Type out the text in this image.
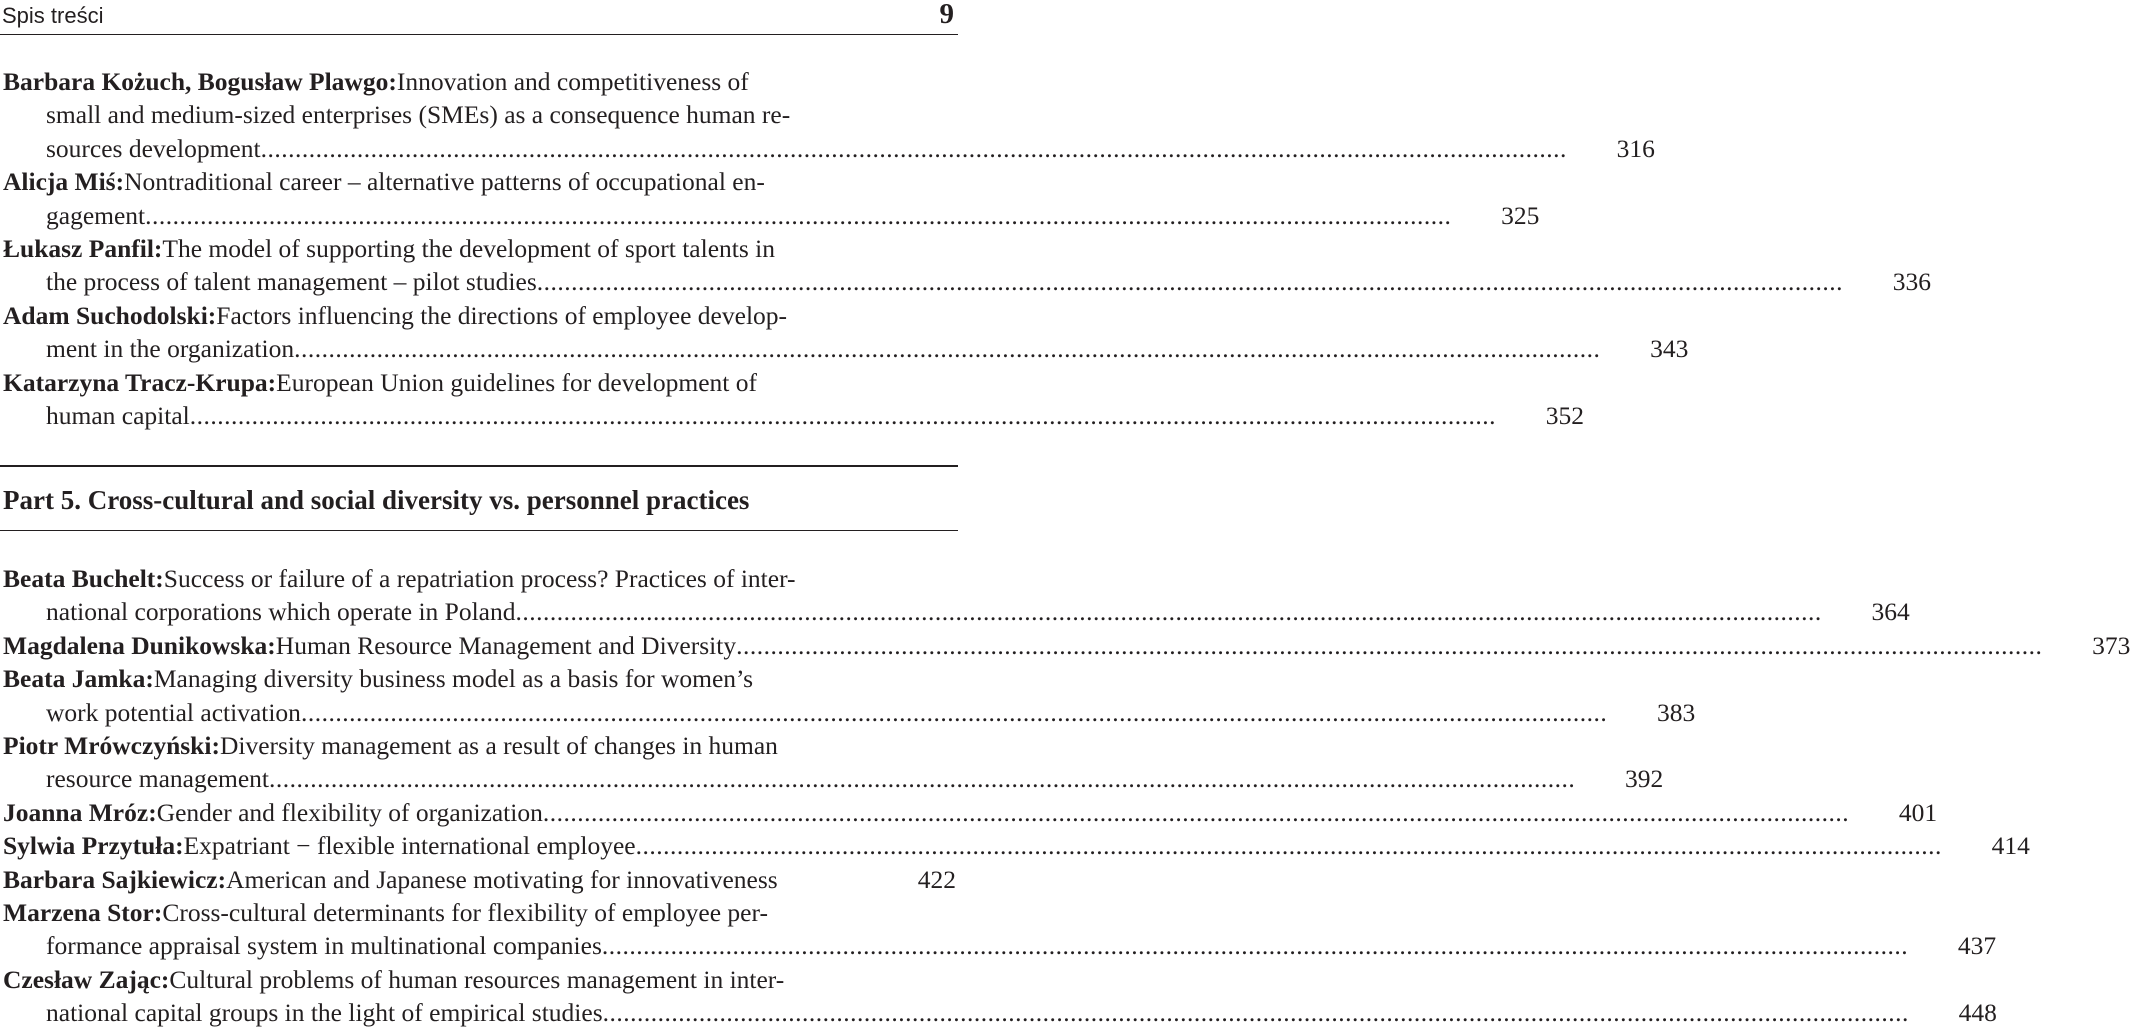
Spis treści	9
Barbara Kożuch, Bogusław Plawgo: Innovation and competitiveness of
small and medium-sized enterprises (SMEs) as a consequence human re-
sources development ..............................................................................................................................................................................................	316
Alicja Miś: Nontraditional career – alternative patterns of occupational en-
gagement ..............................................................................................................................................................................................	325
Łukasz Panfil: The model of supporting the development of sport talents in
the process of talent management – pilot studies ..............................................................................................................................................................................................	336
Adam Suchodolski: Factors influencing the directions of employee develop-
ment in the organization ..............................................................................................................................................................................................	343
Katarzyna Tracz-Krupa: European Union guidelines for development of
human capital ..............................................................................................................................................................................................	352
Part 5. Cross-cultural and social diversity vs. personnel practices
Beata Buchelt: Success or failure of a repatriation process? Practices of inter-
national corporations which operate in Poland ..............................................................................................................................................................................................	364
Magdalena Dunikowska: Human Resource Management and Diversity ..............................................................................................................................................................................................	373
Beata Jamka: Managing diversity business model as a basis for women’s
work potential activation ..............................................................................................................................................................................................	383
Piotr Mrówczyński: Diversity management as a result of changes in human
resource management ..............................................................................................................................................................................................	392
Joanna Mróz: Gender and flexibility of organization ..............................................................................................................................................................................................	401
Sylwia Przytuła: Expatriant − flexible international employee ..............................................................................................................................................................................................	414
Barbara Sajkiewicz: American and Japanese motivating for innovativeness	422
Marzena Stor: Cross-cultural determinants for flexibility of employee per-
formance appraisal system in multinational companies ..............................................................................................................................................................................................	437
Czesław Zając: Cultural problems of human resources management in inter-
national capital groups in the light of empirical studies ..............................................................................................................................................................................................	448
